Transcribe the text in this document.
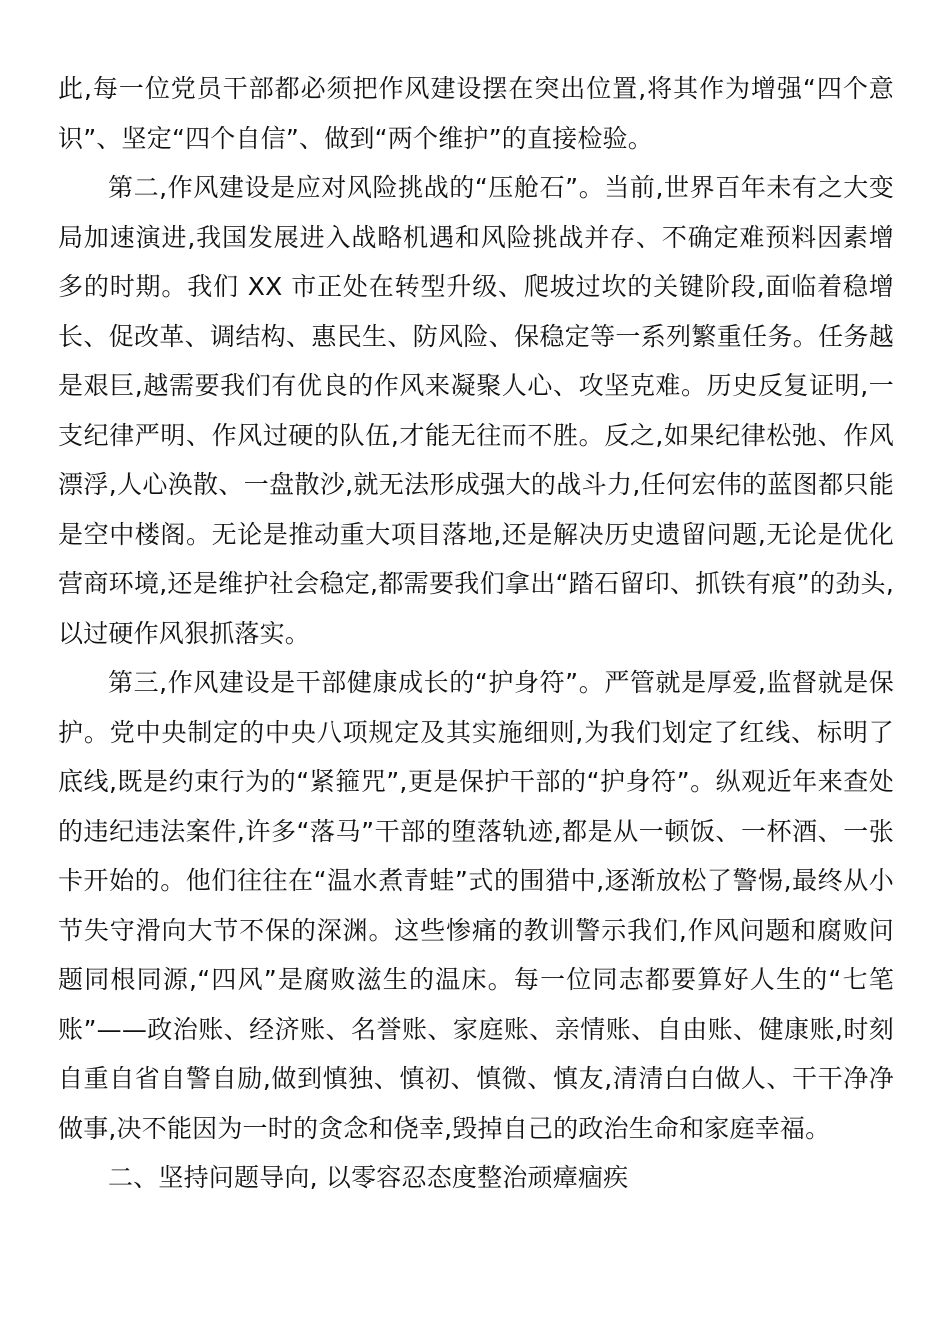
此,每一位党员干部都必须把作风建设摆在突出位置,将其作为增强“四个意识”、坚定“四个自信”、做到“两个维护”的直接检验。

第二,作风建设是应对风险挑战的“压舱石”。当前,世界百年未有之大变局加速演进,我国发展进入战略机遇和风险挑战并存、不确定难预料因素增多的时期。我们 XX 市正处在转型升级、爬坡过坎的关键阶段,面临着稳增长、促改革、调结构、惠民生、防风险、保稳定等一系列繁重任务。任务越是艰巨,越需要我们有优良的作风来凝聚人心、攻坚克难。历史反复证明,一支纪律严明、作风过硬的队伍,才能无往而不胜。反之,如果纪律松弛、作风漂浮,人心涣散、一盘散沙,就无法形成强大的战斗力,任何宏伟的蓝图都只能是空中楼阁。无论是推动重大项目落地,还是解决历史遗留问题,无论是优化营商环境,还是维护社会稳定,都需要我们拿出“踏石留印、抓铁有痕”的劲头,以过硬作风狠抓落实。

第三,作风建设是干部健康成长的“护身符”。严管就是厚爱,监督就是保护。党中央制定的中央八项规定及其实施细则,为我们划定了红线、标明了底线,既是约束行为的“紧箍咒”,更是保护干部的“护身符”。纵观近年来查处的违纪违法案件,许多“落马”干部的堕落轨迹,都是从一顿饭、一杯酒、一张卡开始的。他们往往在“温水煮青蛙”式的围猎中,逐渐放松了警惕,最终从小节失守滑向大节不保的深渊。这些惨痛的教训警示我们,作风问题和腐败问题同根同源,“四风”是腐败滋生的温床。每一位同志都要算好人生的“七笔账”——政治账、经济账、名誉账、家庭账、亲情账、自由账、健康账,时刻自重自省自警自励,做到慎独、慎初、慎微、慎友,清清白白做人、干干净净做事,决不能因为一时的贪念和侥幸,毁掉自己的政治生命和家庭幸福。

二、坚持问题导向, 以零容忍态度整治顽瘴痼疾
